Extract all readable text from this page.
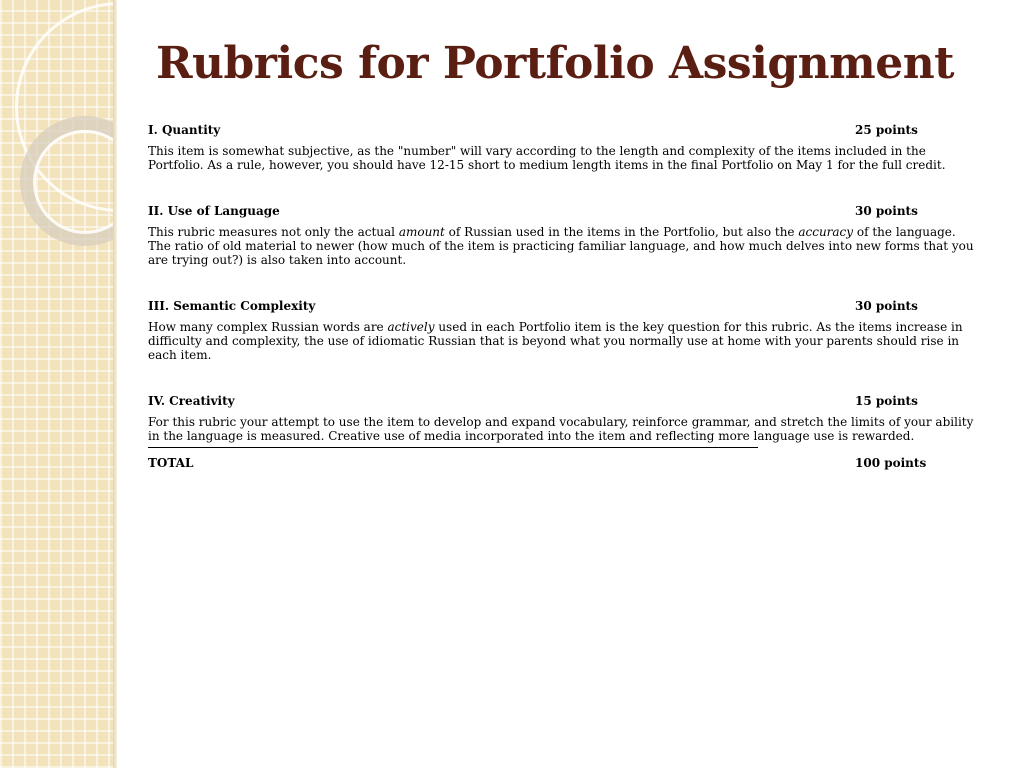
Rubrics for Portfolio Assignment
I. Quantity	25 points

This item is somewhat subjective, as the "number" will vary according to the length and complexity of the items included in the Portfolio. As a rule, however, you should have 12-15 short to medium length items in the final Portfolio on May 1 for the full credit.

II. Use of Language	30 points

This rubric measures not only the actual amount of Russian used in the items in the Portfolio, but also the accuracy of the language. The ratio of old material to newer (how much of the item is practicing familiar language, and how much delves into new forms that you are trying out?) is also taken into account.

III. Semantic Complexity	30 points

How many complex Russian words are actively used in each Portfolio item is the key question for this rubric. As the items increase in difficulty and complexity, the use of idiomatic Russian that is beyond what you normally use at home with your parents should rise in each item.

IV. Creativity	15 points

For this rubric your attempt to use the item to develop and expand vocabulary, reinforce grammar, and stretch the limits of your ability in the language is measured. Creative use of media incorporated into the item and reflecting more language use is rewarded.

TOTAL	100 points
